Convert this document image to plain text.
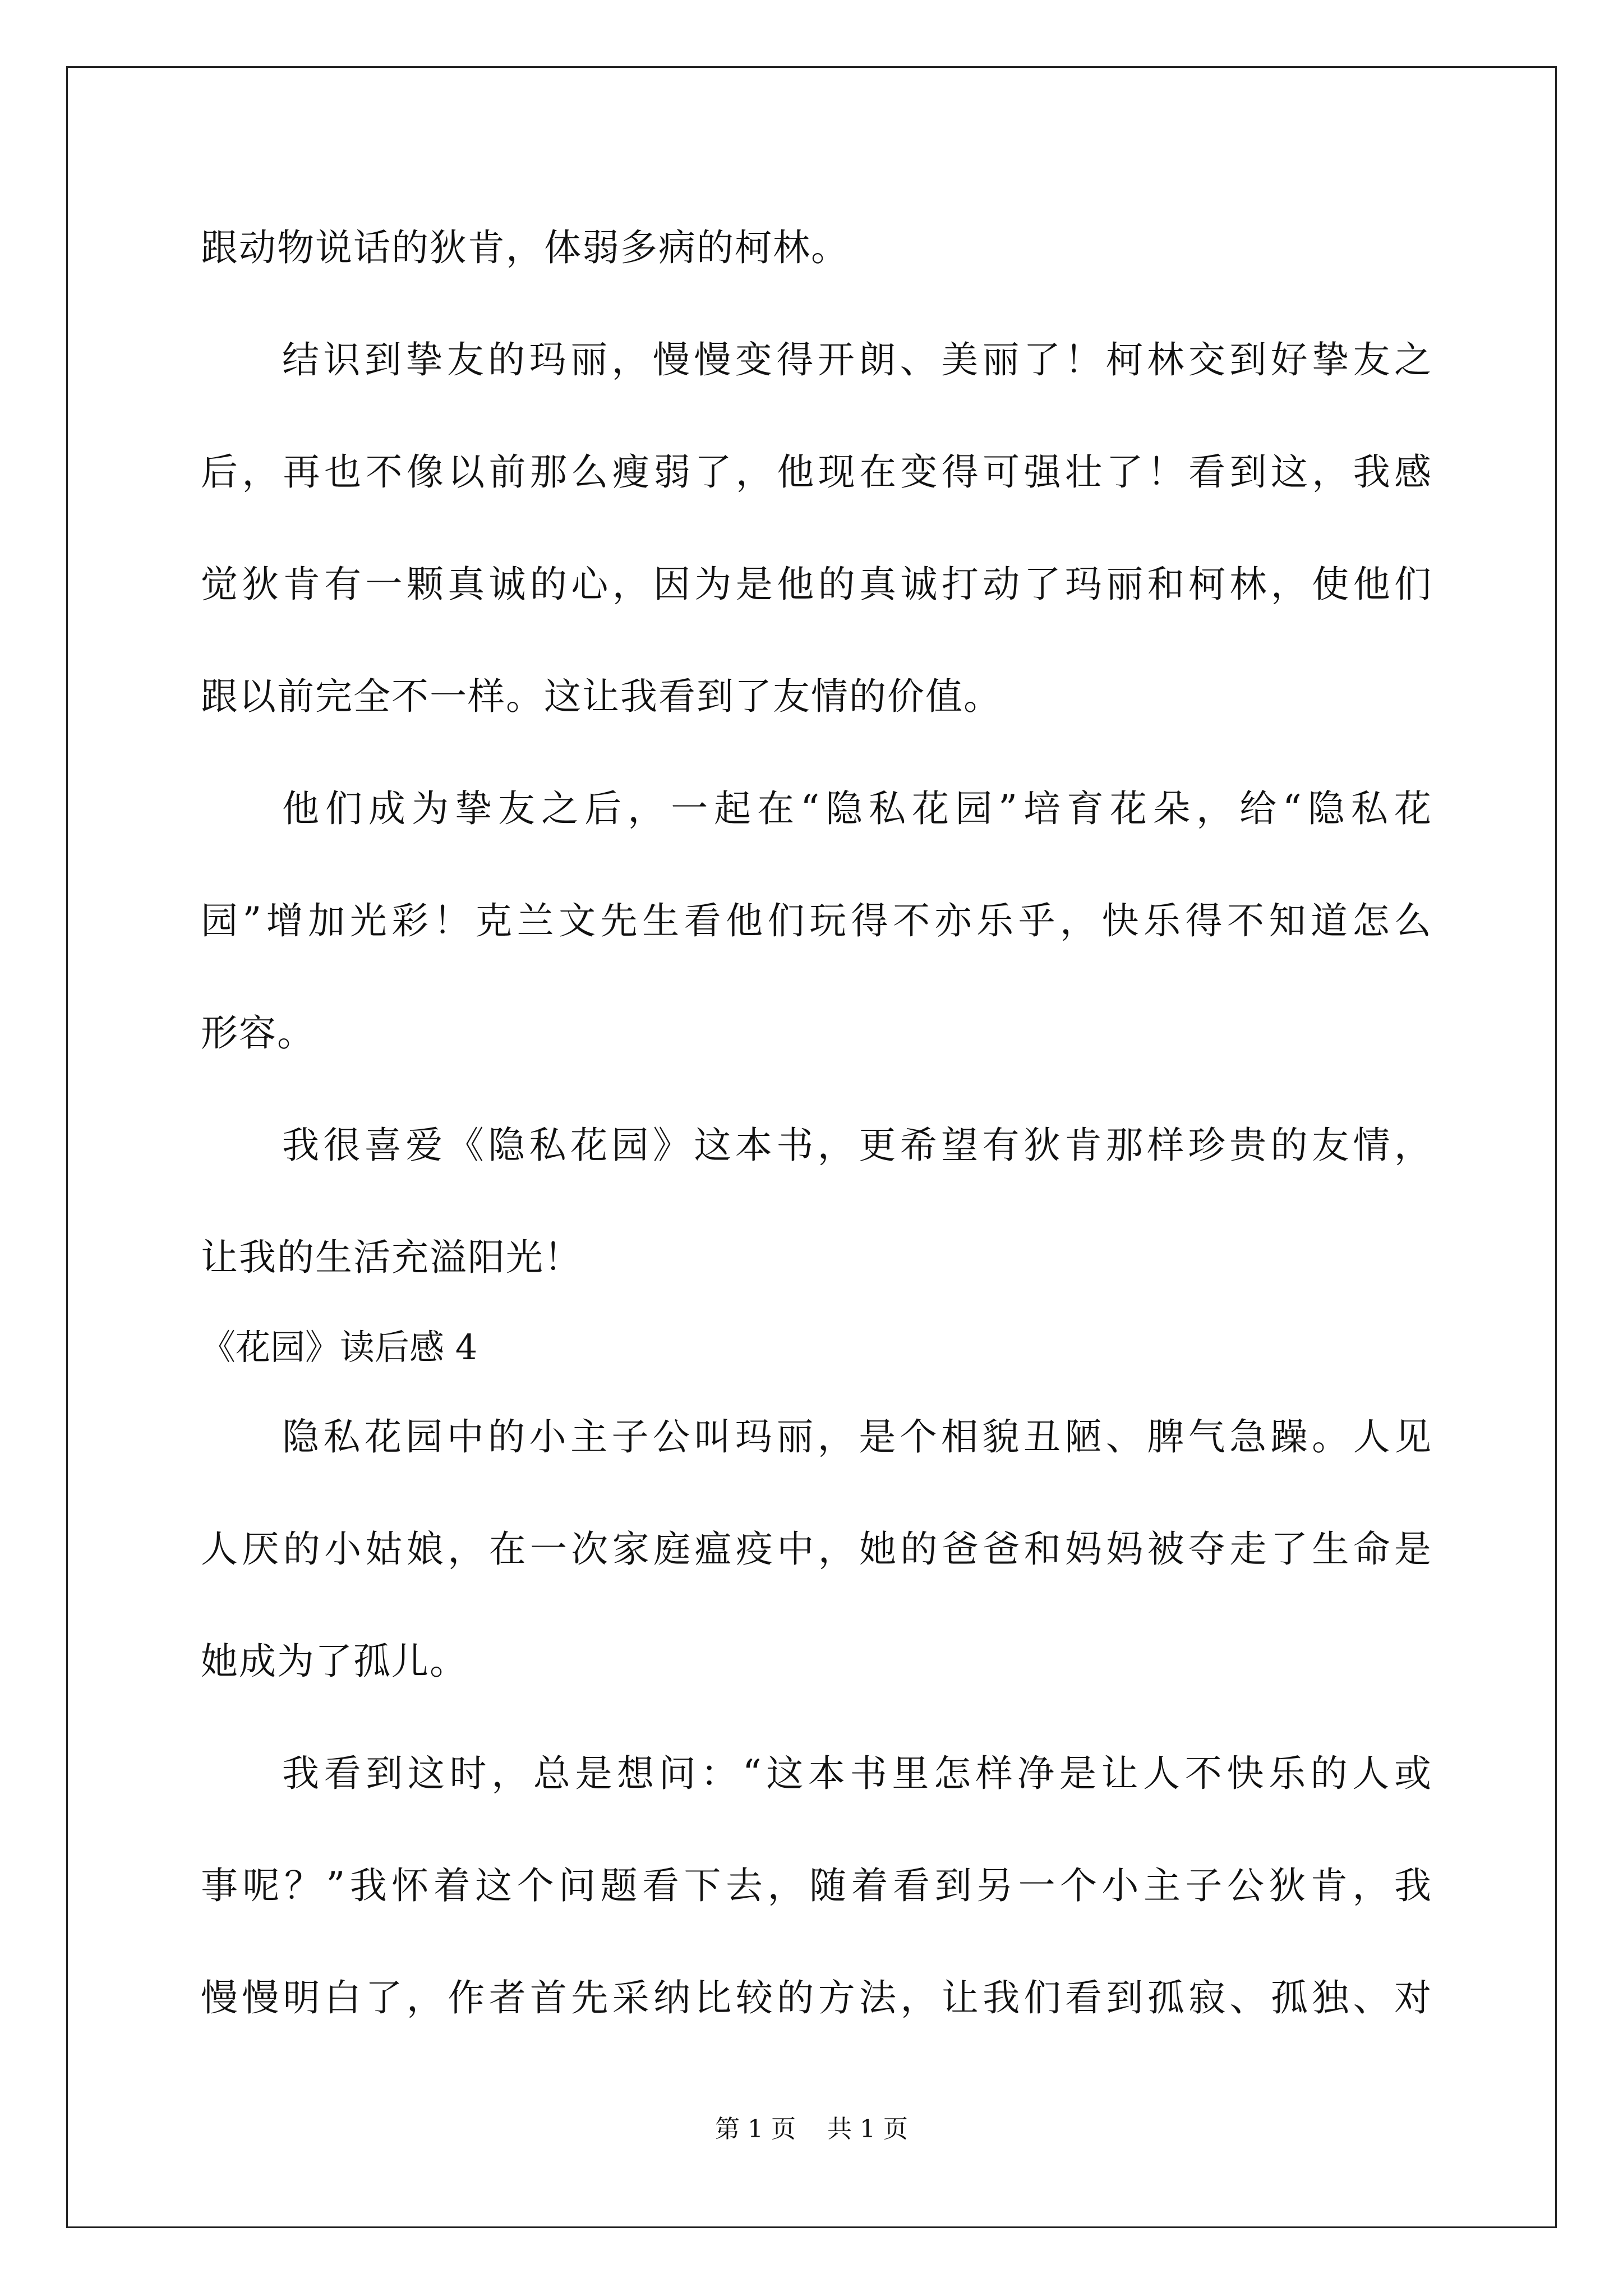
跟动物说话的狄肯，体弱多病的柯林。
结识到挚友的玛丽，慢慢变得开朗、美丽了！柯林交到好挚友之
后，再也不像以前那么瘦弱了，他现在变得可强壮了！看到这，我感
觉狄肯有一颗真诚的心，因为是他的真诚打动了玛丽和柯林，使他们
跟以前完全不一样。这让我看到了友情的价值。
他们成为挚友之后，一起在“隐私花园”培育花朵，给“隐私花
园”增加光彩！克兰文先生看他们玩得不亦乐乎，快乐得不知道怎么
形容。
我很喜爱《隐私花园》这本书，更希望有狄肯那样珍贵的友情，
让我的生活充溢阳光！
《花园》读后感 4
隐私花园中的小主子公叫玛丽，是个相貌丑陋、脾气急躁。人见
人厌的小姑娘，在一次家庭瘟疫中，她的爸爸和妈妈被夺走了生命是
她成为了孤儿。
我看到这时，总是想问：“这本书里怎样净是让人不快乐的人或
事呢？”我怀着这个问题看下去，随着看到另一个小主子公狄肯，我
慢慢明白了，作者首先采纳比较的方法，让我们看到孤寂、孤独、对
第 1 页    共 1 页
